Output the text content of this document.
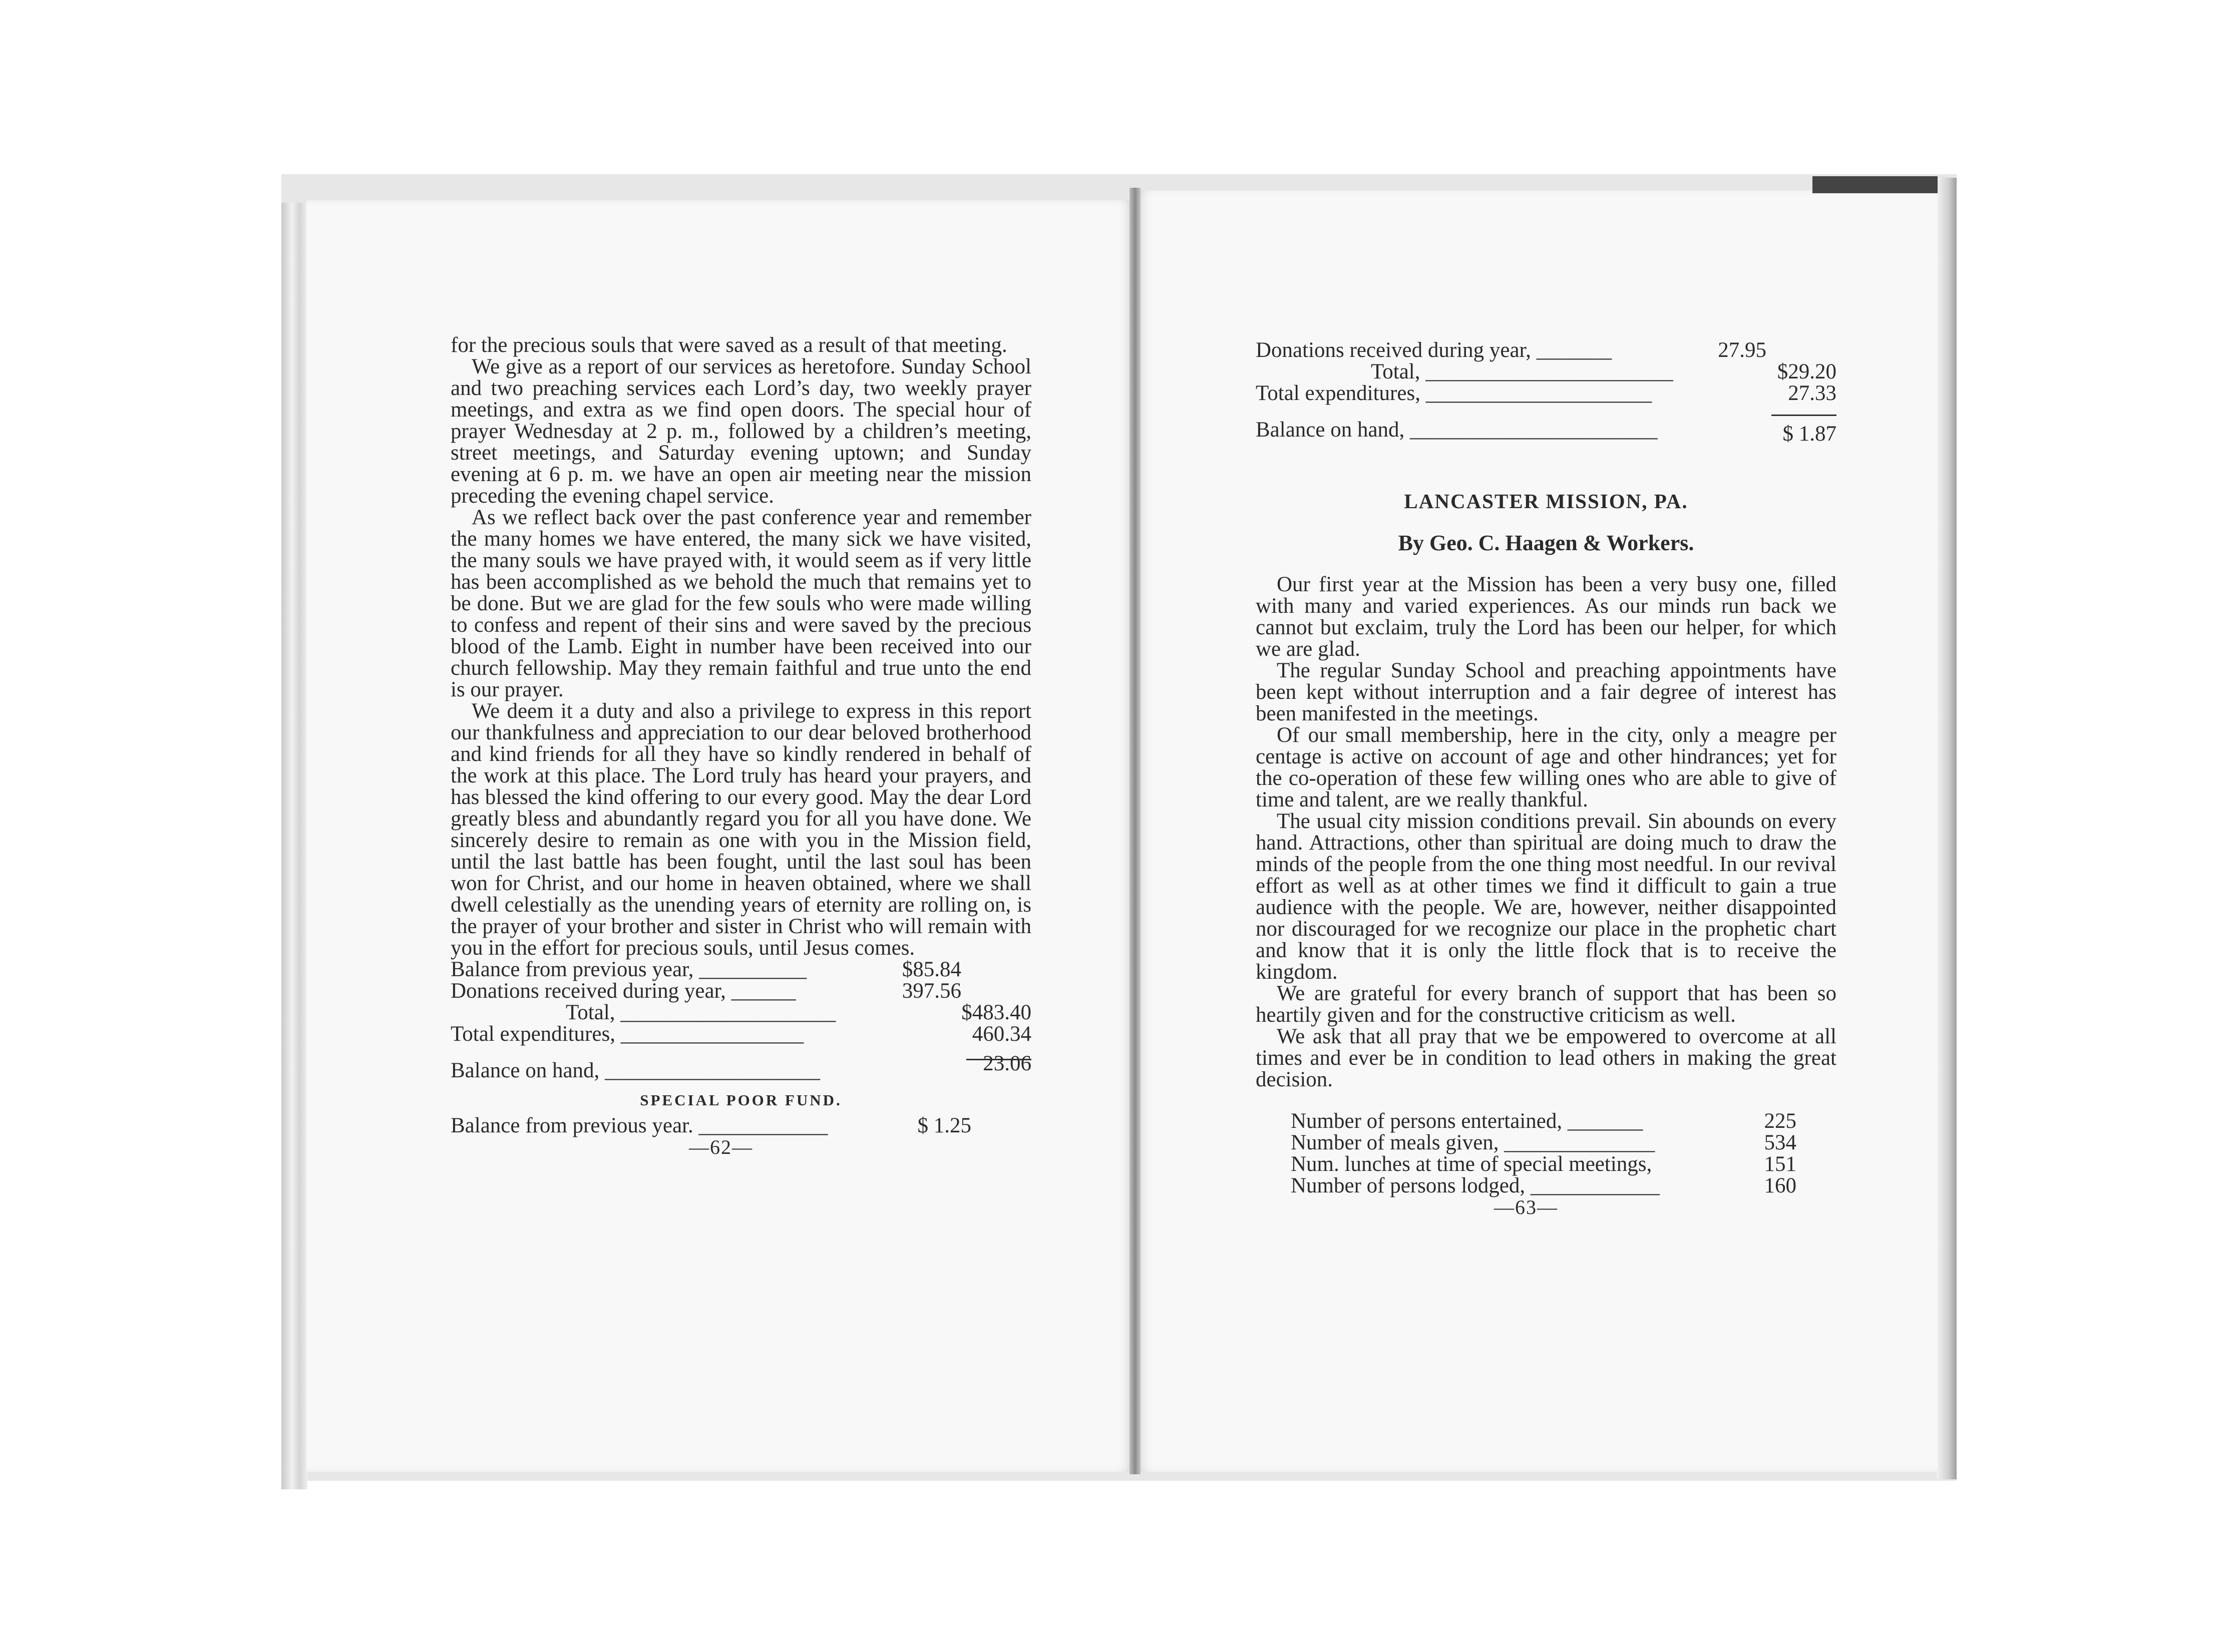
for the precious souls that were saved as a result of that meeting.

We give as a report of our services as heretofore. Sunday School and two preaching services each Lord’s day, two weekly prayer meetings, and extra as we find open doors. The special hour of prayer Wednesday at 2 p. m., followed by a children’s meeting, street meetings, and Saturday evening uptown; and Sunday evening at 6 p. m. we have an open air meeting near the mission preceding the evening chapel service.

As we reflect back over the past conference year and remember the many homes we have entered, the many sick we have visited, the many souls we have prayed with, it would seem as if very little has been accomplished as we behold the much that remains yet to be done. But we are glad for the few souls who were made willing to confess and repent of their sins and were saved by the precious blood of the Lamb. Eight in number have been received into our church fellowship. May they remain faithful and true unto the end is our prayer.

We deem it a duty and also a privilege to express in this report our thankfulness and appreciation to our dear beloved brotherhood and kind friends for all they have so kindly rendered in behalf of the work at this place. The Lord truly has heard your prayers, and has blessed the kind offering to our every good. May the dear Lord greatly bless and abundantly regard you for all you have done. We sincerely desire to remain as one with you in the Mission field, until the last battle has been fought, until the last soul has been won for Christ, and our home in heaven obtained, where we shall dwell celestially as the unending years of eternity are rolling on, is the prayer of your brother and sister in Christ who will remain with you in the effort for precious souls, until Jesus comes.

Balance from previous year, __________	$85.84
Donations received during year, ______	397.56
Total, ____________________	$483.40
Total expenditures, _________________	460.34
Balance on hand, ____________________	23.06
SPECIAL POOR FUND.
Balance from previous year. ____________	$ 1.25
—62—
Donations received during year, _______	27.95
Total, _______________________	$29.20
Total expenditures, _____________________	27.33
Balance on hand, _______________________	$ 1.87
LANCASTER MISSION, PA.
By Geo. C. Haagen & Workers.

Our first year at the Mission has been a very busy one, filled with many and varied experiences. As our minds run back we cannot but exclaim, truly the Lord has been our helper, for which we are glad.

The regular Sunday School and preaching appointments have been kept without interruption and a fair degree of interest has been manifested in the meetings.

Of our small membership, here in the city, only a meagre per centage is active on account of age and other hindrances; yet for the co-operation of these few willing ones who are able to give of time and talent, are we really thankful.

The usual city mission conditions prevail. Sin abounds on every hand. Attractions, other than spiritual are doing much to draw the minds of the people from the one thing most needful. In our revival effort as well as at other times we find it difficult to gain a true audience with the people. We are, however, neither disappointed nor discouraged for we recognize our place in the prophetic chart and know that it is only the little flock that is to receive the kingdom.

We are grateful for every branch of support that has been so heartily given and for the constructive criticism as well.

We ask that all pray that we be empowered to overcome at all times and ever be in condition to lead others in making the great decision.

Number of persons entertained, _______	225
Number of meals given, ______________	534
Num. lunches at time of special meetings,	151
Number of persons lodged, ____________	160
—63—
